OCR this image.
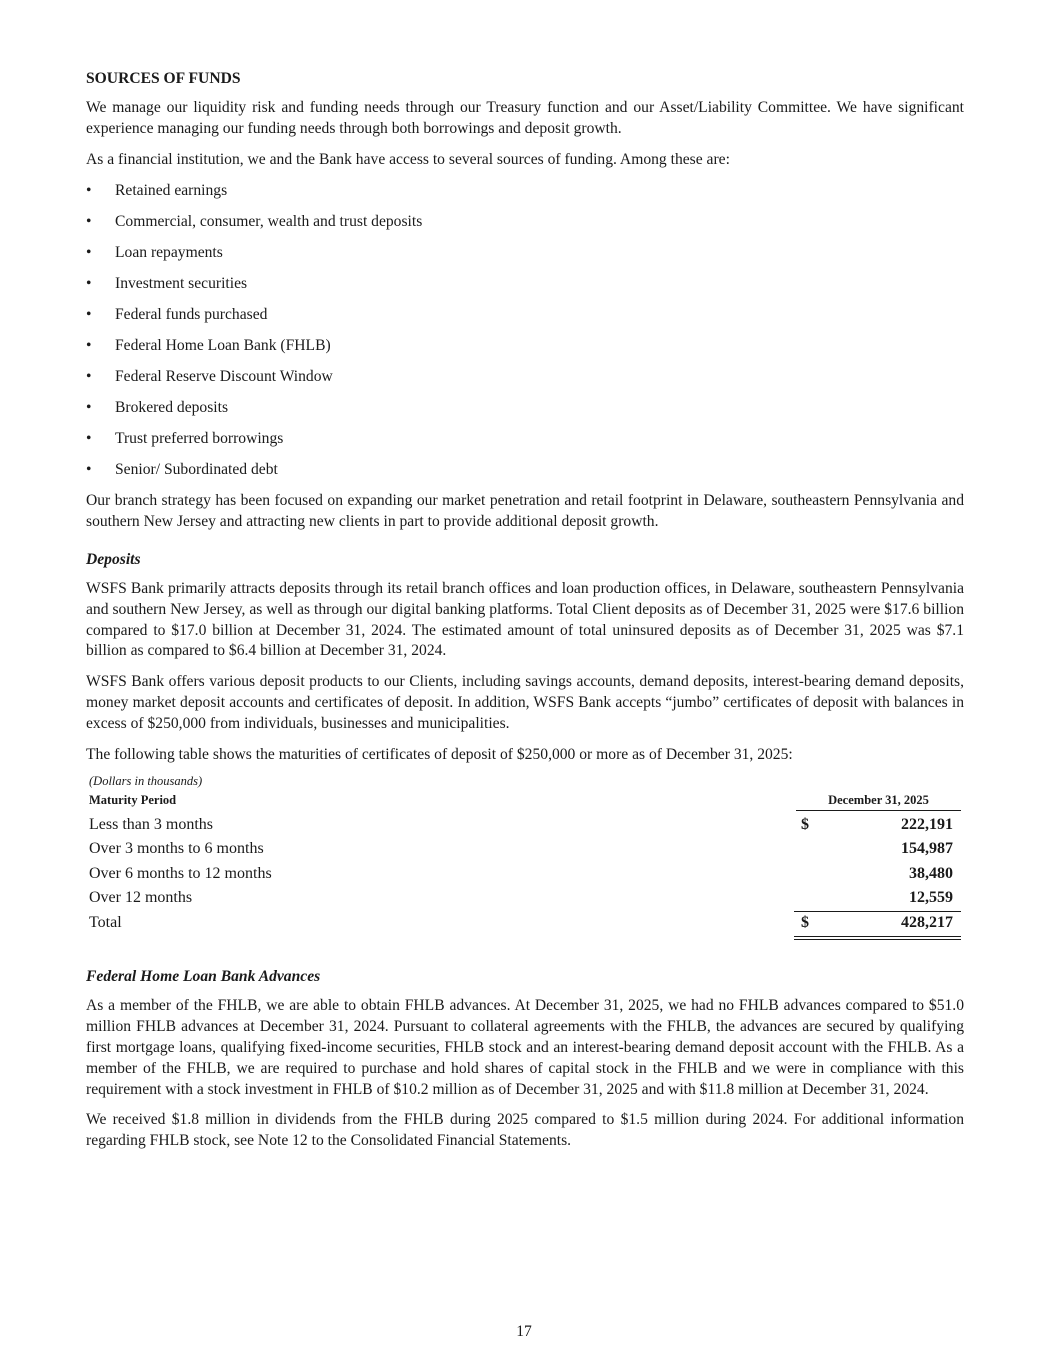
SOURCES OF FUNDS

We manage our liquidity risk and funding needs through our Treasury function and our Asset/Liability Committee. We have significant experience managing our funding needs through both borrowings and deposit growth.

As a financial institution, we and the Bank have access to several sources of funding. Among these are:

• Retained earnings
• Commercial, consumer, wealth and trust deposits
• Loan repayments
• Investment securities
• Federal funds purchased
• Federal Home Loan Bank (FHLB)
• Federal Reserve Discount Window
• Brokered deposits
• Trust preferred borrowings
• Senior/ Subordinated debt

Our branch strategy has been focused on expanding our market penetration and retail footprint in Delaware, southeastern Pennsylvania and southern New Jersey and attracting new clients in part to provide additional deposit growth.

Deposits

WSFS Bank primarily attracts deposits through its retail branch offices and loan production offices, in Delaware, southeastern Pennsylvania and southern New Jersey, as well as through our digital banking platforms. Total Client deposits as of December 31, 2025 were $17.6 billion compared to $17.0 billion at December 31, 2024. The estimated amount of total uninsured deposits as of December 31, 2025 was $7.1 billion as compared to $6.4 billion at December 31, 2024.

WSFS Bank offers various deposit products to our Clients, including savings accounts, demand deposits, interest-bearing demand deposits, money market deposit accounts and certificates of deposit. In addition, WSFS Bank accepts “jumbo” certificates of deposit with balances in excess of $250,000 from individuals, businesses and municipalities.

The following table shows the maturities of certificates of deposit of $250,000 or more as of December 31, 2025:

(Dollars in thousands)
Maturity Period	December 31, 2025
Less than 3 months	$	222,191
Over 3 months to 6 months	154,987
Over 6 months to 12 months	38,480
Over 12 months	12,559
Total	$	428,217

Federal Home Loan Bank Advances

As a member of the FHLB, we are able to obtain FHLB advances. At December 31, 2025, we had no FHLB advances compared to $51.0 million FHLB advances at December 31, 2024. Pursuant to collateral agreements with the FHLB, the advances are secured by qualifying first mortgage loans, qualifying fixed-income securities, FHLB stock and an interest-bearing demand deposit account with the FHLB. As a member of the FHLB, we are required to purchase and hold shares of capital stock in the FHLB and we were in compliance with this requirement with a stock investment in FHLB of $10.2 million as of December 31, 2025 and with $11.8 million at December 31, 2024.

We received $1.8 million in dividends from the FHLB during 2025 compared to $1.5 million during 2024. For additional information regarding FHLB stock, see Note 12 to the Consolidated Financial Statements.

17
